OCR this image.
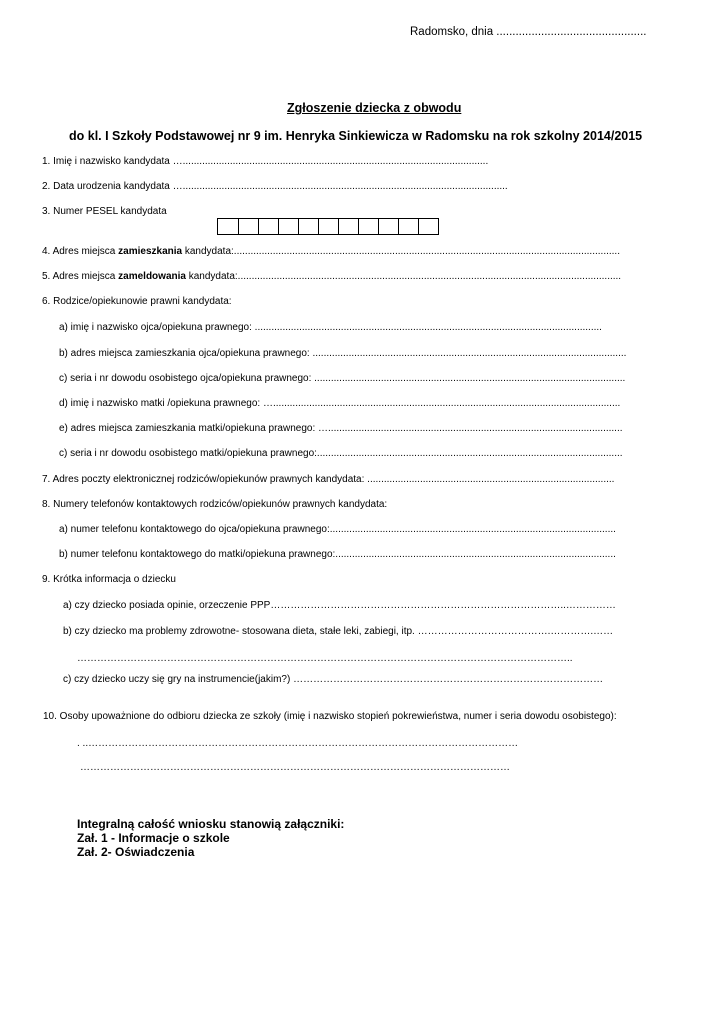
Radomsko, dnia ...............................................
Zgłoszenie dziecka z obwodu
do kl. I Szkoły Podstawowej nr 9 im. Henryka Sinkiewicza w Radomsku na rok szkolny 2014/2015
1. Imię i nazwisko kandydata …..............................................................................................................
2. Data urodzenia kandydata ….....................................................................................................................
3. Numer PESEL kandydata
4. Adres miejsca zamieszkania kandydata:...........................................................................................................................................
5. Adres miejsca zameldowania kandydata:..........................................................................................................................................
6. Rodzice/opiekunowie prawni kandydata:
a) imię i nazwisko ojca/opiekuna prawnego: .............................................................................................................................
b) adres miejsca zamieszkania ojca/opiekuna prawnego: .................................................................................................................
c) seria i nr dowodu osobistego ojca/opiekuna prawnego: ................................................................................................................
d) imię i nazwisko matki /opiekuna prawnego: ….............................................................................................................................
e) adres miejsca zamieszkania matki/opiekuna prawnego: …..........................................................................................................
c) seria i nr dowodu osobistego matki/opiekuna prawnego:..............................................................................................................
7. Adres poczty elektronicznej rodziców/opiekunów prawnych kandydata: .........................................................................................
8. Numery telefonów kontaktowych rodziców/opiekunów prawnych kandydata:
a) numer telefonu kontaktowego do ojca/opiekuna prawnego:.......................................................................................................
b) numer telefonu kontaktowego do matki/opiekuna prawnego:.....................................................................................................
9. Krótka informacja o dziecku
a) czy dziecko posiada opinie, orzeczenie PPP……………………………………………………………………………..……………
b) czy dziecko ma problemy zdrowotne- stosowana dieta, stałe leki, zabiegi, itp. ………………………………….………….……
…………………………………………………………………………………………………………………………………..
c) czy dziecko uczy się gry na instrumencie(jakim?) …………………………………………………………………………………
10. Osoby upoważnione do odbioru dziecka ze szkoły (imię i nazwisko stopień pokrewieństwa, numer i seria dowodu osobistego):
. ..…………………………………………………………………………………………………………………
…………………………………………………………………………………………………………………
Integralną całość wniosku stanowią załączniki:
Zał. 1 - Informacje o szkole
Zał. 2- Oświadczenia
